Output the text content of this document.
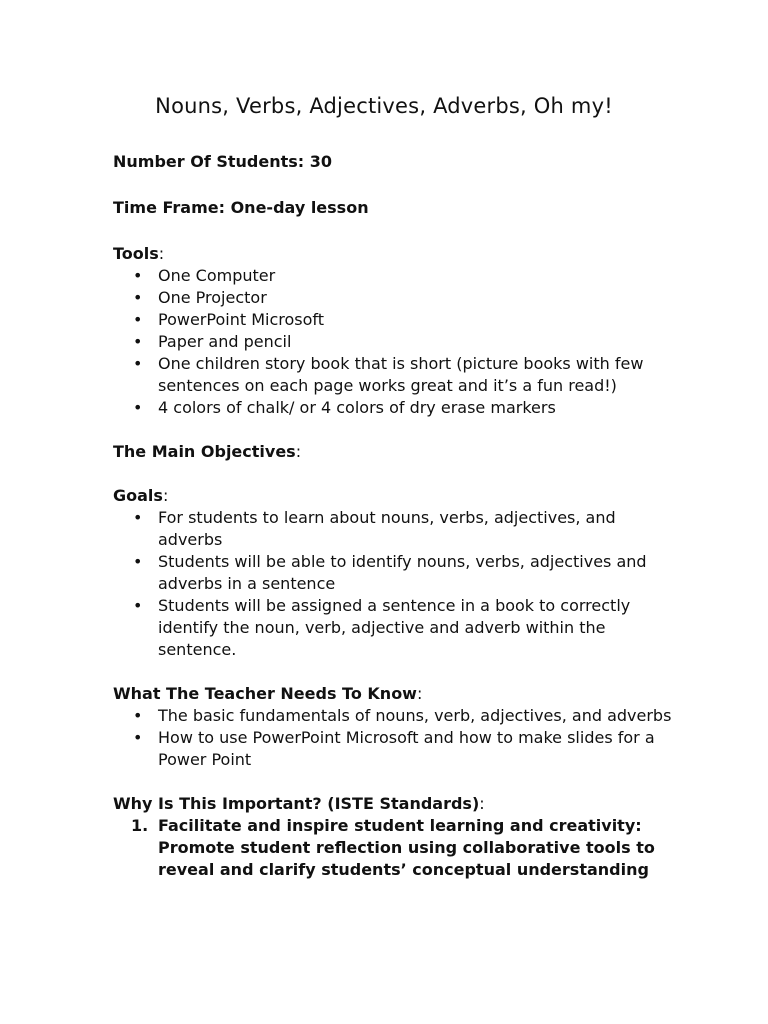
Nouns, Verbs, Adjectives, Adverbs, Oh my!

Number Of Students: 30

Time Frame: One-day lesson

Tools:

• One Computer
• One Projector
• PowerPoint Microsoft
• Paper and pencil
• One children story book that is short (picture books with few sentences on each page works great and it’s a fun read!)
• 4 colors of chalk/ or 4 colors of dry erase markers

The Main Objectives:

Goals:

• For students to learn about nouns, verbs, adjectives, and adverbs
• Students will be able to identify nouns, verbs, adjectives and adverbs in a sentence
• Students will be assigned a sentence in a book to correctly identify the noun, verb, adjective and adverb within the sentence.

What The Teacher Needs To Know:

• The basic fundamentals of nouns, verb, adjectives, and adverbs
• How to use PowerPoint Microsoft and how to make slides for a Power Point

Why Is This Important? (ISTE Standards):

1. Facilitate and inspire student learning and creativity: Promote student reflection using collaborative tools to reveal and clarify students’ conceptual understanding
